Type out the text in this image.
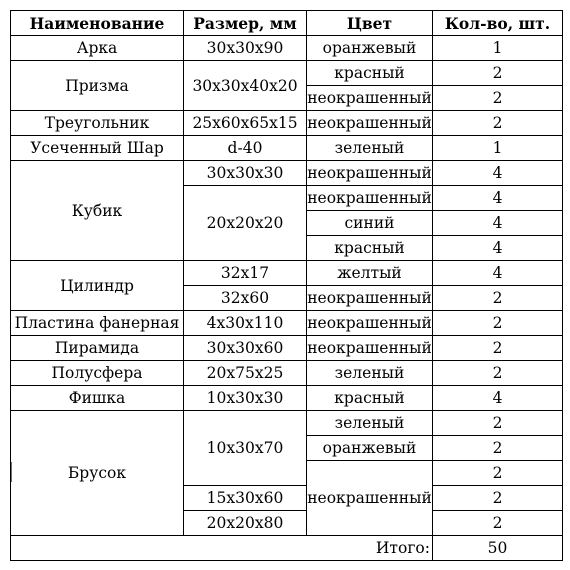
Наименование	Размер, мм	Цвет	Кол-во, шт.
Арка	30x30x90	оранжевый	1
Призма	30x30x40x20	красный	2
		неокрашенный	2
Треугольник	25x60x65x15	неокрашенный	2
Усеченный Шар	d-40	зеленый	1
Кубик	30x30x30	неокрашенный	4
	20x20x20	неокрашенный	4
		синий	4
		красный	4
Цилиндр	32x17	желтый	4
	32x60	неокрашенный	2
Пластина фанерная	4x30x110	неокрашенный	2
Пирамида	30x30x60	неокрашенный	2
Полусфера	20x75x25	зеленый	2
Фишка	10x30x30	красный	4
Брусок	10x30x70	зеленый	2
		оранжевый	2
		неокрашенный	2
	15x30x60		2
	20x20x80		2
		Итого:	50
